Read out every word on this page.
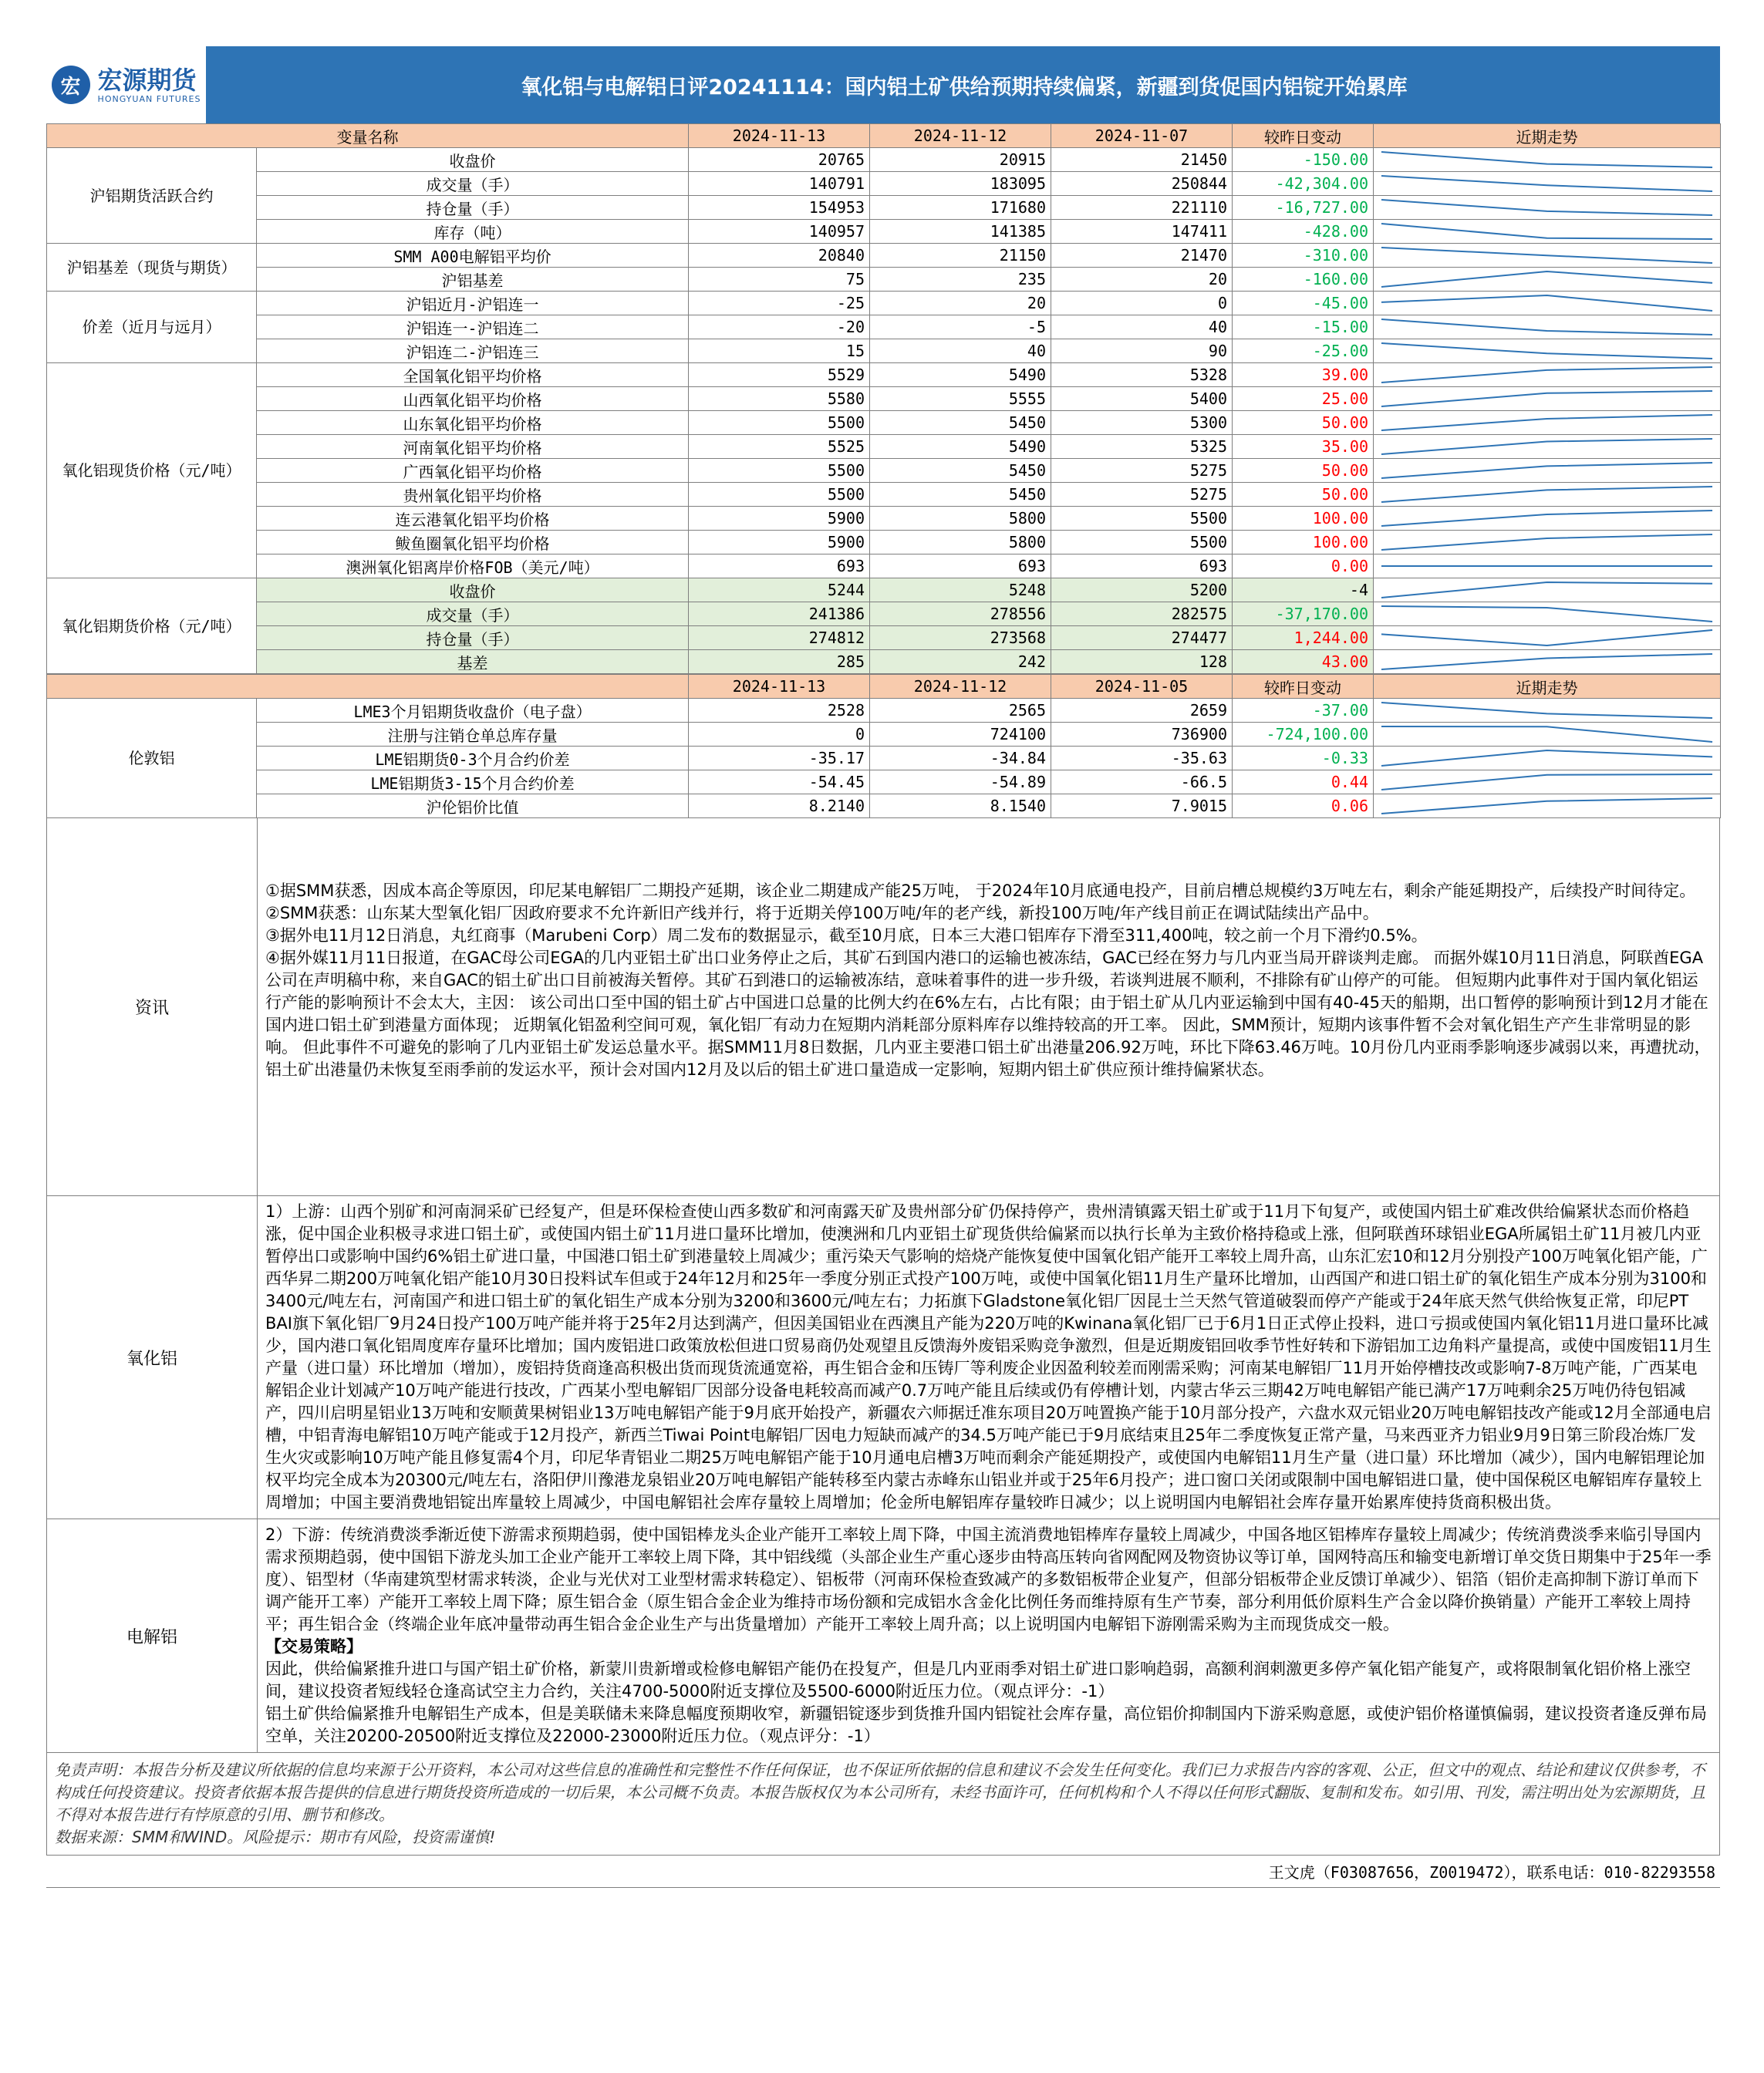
宏 宏源期货
HONGYUAN FUTURES	氧化铝与电解铝日评20241114：国内铝土矿供给预期持续偏紧，新疆到货促国内铝锭开始累库
变量名称		2024-11-13	2024-11-12	2024-11-07	较昨日变动	近期走势
沪铝期货活跃合约	收盘价	20765	20915	21450	-150.00	

	成交量（手）	140791	183095	250844	-42,304.00	

	持仓量（手）	154953	171680	221110	-16,727.00	

	库存（吨）	140957	141385	147411	-428.00	

沪铝基差（现货与期货）	SMM A00电解铝平均价	20840	21150	21470	-310.00	

	沪铝基差	75	235	20	-160.00	

价差（近月与远月）	沪铝近月-沪铝连一	-25	20	0	-45.00	

	沪铝连一-沪铝连二	-20	-5	40	-15.00	

	沪铝连二-沪铝连三	15	40	90	-25.00	

氧化铝现货价格（元/吨）	全国氧化铝平均价格	5529	5490	5328	39.00	

	山西氧化铝平均价格	5580	5555	5400	25.00	

	山东氧化铝平均价格	5500	5450	5300	50.00	

	河南氧化铝平均价格	5525	5490	5325	35.00	

	广西氧化铝平均价格	5500	5450	5275	50.00	

	贵州氧化铝平均价格	5500	5450	5275	50.00	

	连云港氧化铝平均价格	5900	5800	5500	100.00	

	鲅鱼圈氧化铝平均价格	5900	5800	5500	100.00	

	澳洲氧化铝离岸价格FOB（美元/吨）	693	693	693	0.00	

氧化铝期货价格（元/吨）	收盘价	5244	5248	5200	-4	

	成交量（手）	241386	278556	282575	-37,170.00	

	持仓量（手）	274812	273568	274477	1,244.00	

	基差	285	242	128	43.00	
		2024-11-13	2024-11-12	2024-11-05	较昨日变动	近期走势
伦敦铝	LME3个月铝期货收盘价（电子盘）	2528	2565	2659	-37.00	

	注册与注销仓单总库存量	0	724100	736900	-724,100.00	

	LME铝期货0-3个月合约价差	-35.17	-34.84	-35.63	-0.33	

	LME铝期货3-15个月合约价差	-54.45	-54.89	-66.5	0.44	

	沪伦铝价比值	8.2140	8.1540	7.9015	0.06	
资讯

①据SMM获悉，因成本高企等原因，印尼某电解铝厂二期投产延期，该企业二期建成产能25万吨， 于2024年10月底通电投产，目前启槽总规模约3万吨左右，剩余产能延期投产，后续投产时间待定。

②SMM获悉：山东某大型氧化铝厂因政府要求不允许新旧产线并行，将于近期关停100万吨/年的老产线，新投100万吨/年产线目前正在调试陆续出产品中。

③据外电11月12日消息，丸红商事（Marubeni Corp）周二发布的数据显示，截至10月底，日本三大港口铝库存下滑至311,400吨，较之前一个月下滑约0.5%。

④据外媒11月11日报道，在GAC母公司EGA的几内亚铝土矿出口业务停止之后，其矿石到国内港口的运输也被冻结，GAC已经在努力与几内亚当局开辟谈判走廊。 而据外媒10月11日消息，阿联酋EGA公司在声明稿中称，来自GAC的铝土矿出口目前被海关暂停。其矿石到港口的运输被冻结，意味着事件的进一步升级，若谈判进展不顺利，不排除有矿山停产的可能。 但短期内此事件对于国内氧化铝运行产能的影响预计不会太大，主因： 该公司出口至中国的铝土矿占中国进口总量的比例大约在6%左右，占比有限；由于铝土矿从几内亚运输到中国有40-45天的船期，出口暂停的影响预计到12月才能在国内进口铝土矿到港量方面体现； 近期氧化铝盈利空间可观，氧化铝厂有动力在短期内消耗部分原料库存以维持较高的开工率。 因此，SMM预计，短期内该事件暂不会对氧化铝生产产生非常明显的影响。 但此事件不可避免的影响了几内亚铝土矿发运总量水平。据SMM11月8日数据，几内亚主要港口铝土矿出港量206.92万吨，环比下降63.46万吨。10月份几内亚雨季影响逐步减弱以来，再遭扰动，铝土矿出港量仍未恢复至雨季前的发运水平，预计会对国内12月及以后的铝土矿进口量造成一定影响，短期内铝土矿供应预计维持偏紧状态。

氧化铝

1）上游：山西个别矿和河南洞采矿已经复产，但是环保检查使山西多数矿和河南露天矿及贵州部分矿仍保持停产，贵州清镇露天铝土矿或于11月下旬复产，或使国内铝土矿难改供给偏紧状态而价格趋涨，促中国企业积极寻求进口铝土矿，或使国内铝土矿11月进口量环比增加，使澳洲和几内亚铝土矿现货供给偏紧而以执行长单为主致价格持稳或上涨，但阿联酋环球铝业EGA所属铝土矿11月被几内亚暂停出口或影响中国约6%铝土矿进口量，中国港口铝土矿到港量较上周减少；重污染天气影响的焙烧产能恢复使中国氧化铝产能开工率较上周升高，山东汇宏10和12月分别投产100万吨氧化铝产能，广西华昇二期200万吨氧化铝产能10月30日投料试车但或于24年12月和25年一季度分别正式投产100万吨，或使中国氧化铝11月生产量环比增加，山西国产和进口铝土矿的氧化铝生产成本分别为3100和3400元/吨左右，河南国产和进口铝土矿的氧化铝生产成本分别为3200和3600元/吨左右；力拓旗下Gladstone氧化铝厂因昆士兰天然气管道破裂而停产产能或于24年底天然气供给恢复正常，印尼PT BAI旗下氧化铝厂9月24日投产100万吨产能并将于25年2月达到满产，但因美国铝业在西澳且产能为220万吨的Kwinana氧化铝厂已于6月1日正式停止投料，进口亏损或使国内氧化铝11月进口量环比减少，国内港口氧化铝周度库存量环比增加；国内废铝进口政策放松但进口贸易商仍处观望且反馈海外废铝采购竞争激烈，但是近期废铝回收季节性好转和下游铝加工边角料产量提高，或使中国废铝11月生产量（进口量）环比增加（增加），废铝持货商逢高积极出货而现货流通宽裕，再生铝合金和压铸厂等利废企业因盈利较差而刚需采购；河南某电解铝厂11月开始停槽技改或影响7-8万吨产能，广西某电解铝企业计划减产10万吨产能进行技改，广西某小型电解铝厂因部分设备电耗较高而减产0.7万吨产能且后续或仍有停槽计划，内蒙古华云三期42万吨电解铝产能已满产17万吨剩余25万吨仍待包铝减产，四川启明星铝业13万吨和安顺黄果树铝业13万吨电解铝产能于9月底开始投产，新疆农六师据迁准东项目20万吨置换产能于10月部分投产，六盘水双元铝业20万吨电解铝技改产能或12月全部通电启槽，中铝青海电解铝10万吨产能或于12月投产，新西兰Tiwai Point电解铝厂因电力短缺而减产的34.5万吨产能已于9月底结束且25年二季度恢复正常产量，马来西亚齐力铝业9月9日第三阶段冶炼厂发生火灾或影响10万吨产能且修复需4个月，印尼华青铝业二期25万吨电解铝产能于10月通电启槽3万吨而剩余产能延期投产，或使国内电解铝11月生产量（进口量）环比增加（减少），国内电解铝理论加权平均完全成本为20300元/吨左右，洛阳伊川豫港龙泉铝业20万吨电解铝产能转移至内蒙古赤峰东山铝业并或于25年6月投产；进口窗口关闭或限制中国电解铝进口量，使中国保税区电解铝库存量较上周增加；中国主要消费地铝锭出库量较上周减少，中国电解铝社会库存量较上周增加；伦金所电解铝库存量较昨日减少；以上说明国内电解铝社会库存量开始累库使持货商积极出货。

电解铝

2）下游：传统消费淡季渐近使下游需求预期趋弱，使中国铝棒龙头企业产能开工率较上周下降，中国主流消费地铝棒库存量较上周减少，中国各地区铝棒库存量较上周减少；传统消费淡季来临引导国内需求预期趋弱，使中国铝下游龙头加工企业产能开工率较上周下降，其中铝线缆（头部企业生产重心逐步由特高压转向省网配网及物资协议等订单，国网特高压和输变电新增订单交货日期集中于25年一季度）、铝型材（华南建筑型材需求转淡，企业与光伏对工业型材需求转稳定）、铝板带（河南环保检查致减产的多数铝板带企业复产，但部分铝板带企业反馈订单减少）、铝箔（铝价走高抑制下游订单而下调产能开工率）产能开工率较上周下降；原生铝合金（原生铝合金企业为维持市场份额和完成铝水含金化比例任务而维持原有生产节奏，部分利用低价原料生产合金以降价换销量）产能开工率较上周持平；再生铝合金（终端企业年底冲量带动再生铝合金企业生产与出货量增加）产能开工率较上周升高；以上说明国内电解铝下游刚需采购为主而现货成交一般。

【交易策略】

因此，供给偏紧推升进口与国产铝土矿价格，新蒙川贵新增或检修电解铝产能仍在投复产，但是几内亚雨季对铝土矿进口影响趋弱，高额利润刺激更多停产氧化铝产能复产，或将限制氧化铝价格上涨空间，建议投资者短线轻仓逢高试空主力合约，关注4700-5000附近支撑位及5500-6000附近压力位。（观点评分：-1）

铝土矿供给偏紧推升电解铝生产成本，但是美联储未来降息幅度预期收窄，新疆铝锭逐步到货推升国内铝锭社会库存量，高位铝价抑制国内下游采购意愿，或使沪铝价格谨慎偏弱，建议投资者逢反弹布局空单，关注20200-20500附近支撑位及22000-23000附近压力位。（观点评分：-1）

免责声明：本报告分析及建议所依据的信息均来源于公开资料，本公司对这些信息的准确性和完整性不作任何保证，也不保证所依据的信息和建议不会发生任何变化。我们已力求报告内容的客观、公正，但文中的观点、结论和建议仅供参考，不构成任何投资建议。投资者依据本报告提供的信息进行期货投资所造成的一切后果，本公司概不负责。本报告版权仅为本公司所有，未经书面许可，任何机构和个人不得以任何形式翻版、复制和发布。如引用、刊发，需注明出处为宏源期货，且不得对本报告进行有悖原意的引用、删节和修改。
数据来源：SMM和WIND。风险提示：期市有风险，投资需谨慎!
王文虎（F03087656，Z0019472），联系电话：010-82293558
